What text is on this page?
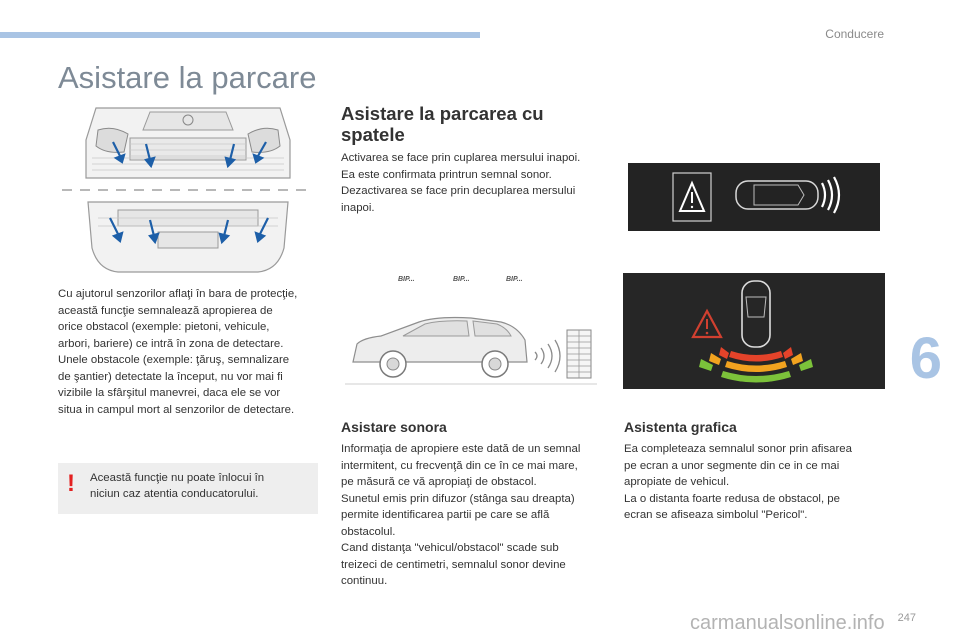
Conducere
Asistare la parcare
6
247

Cu ajutorul senzorilor aflaţi în bara de protecţie,
această funcţie semnalează apropierea de
orice obstacol (exemple: pietoni, vehicule,
arbori, bariere) ce intră în zona de detectare.
Unele obstacole (exemple: ţăruş, semnalizare
de şantier) detectate la început, nu vor mai fi
vizibile la sfârşitul manevrei, daca ele se vor
situa in campul mort al senzorilor de detectare.

! Această funcţie nu poate înlocui în
niciun caz atentia conducatorului.

Asistare la parcarea cu
spatele

Activarea se face prin cuplarea mersului inapoi.
Ea este confirmata printrun semnal sonor.
Dezactivarea se face prin decuplarea mersului
inapoi.

BIP...	BIP...	BIP...
Asistare sonora

Informaţia de apropiere este dată de un semnal
intermitent, cu frecvenţă din ce în ce mai mare,
pe măsură ce vă apropiaţi de obstacol.
Sunetul emis prin difuzor (stânga sau dreapta)
permite identificarea partii pe care se află
obstacolul.
Cand distanţa "vehicul/obstacol" scade sub
treizeci de centimetri, semnalul sonor devine
continuu.

Asistenta grafica

Ea completeaza semnalul sonor prin afisarea
pe ecran a unor segmente din ce in ce mai
apropiate de vehicul.
La o distanta foarte redusa de obstacol, pe
ecran se afiseaza simbolul "Pericol".

carmanualsonline.info
